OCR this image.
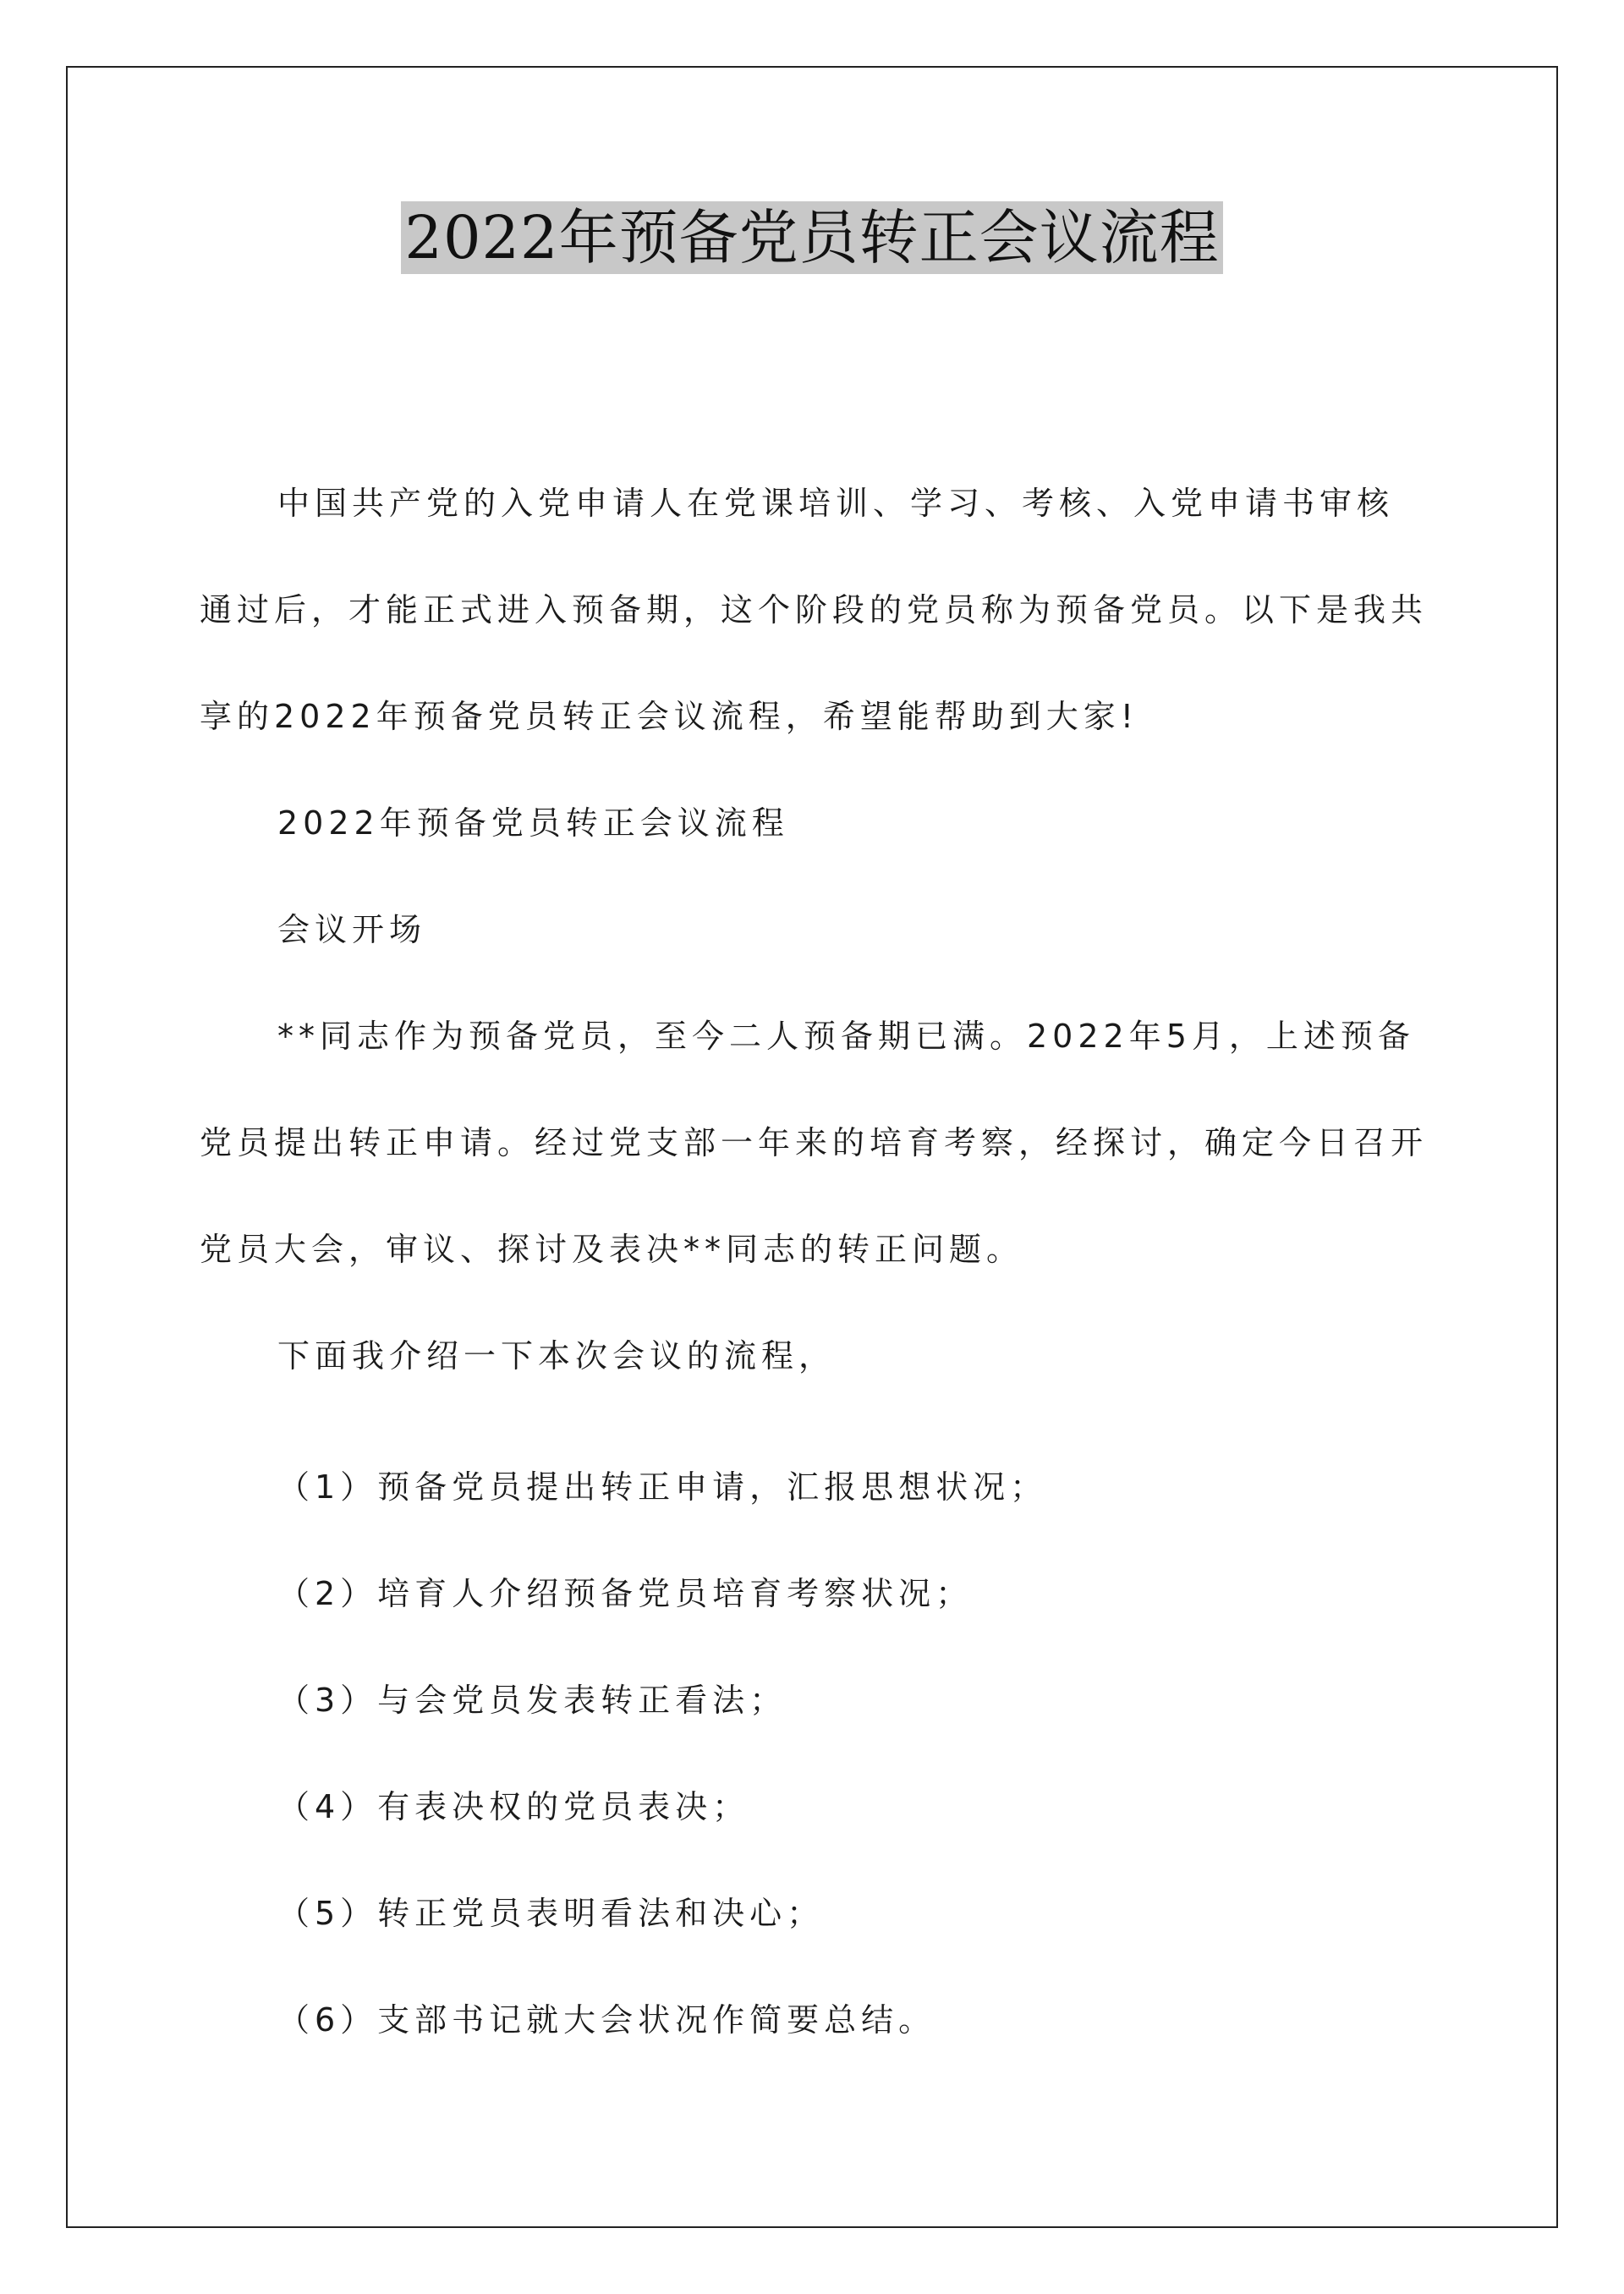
2022年预备党员转正会议流程

中国共产党的入党申请人在党课培训、学习、考核、入党申请书审核通过后，才能正式进入预备期，这个阶段的党员称为预备党员。以下是我共享的2022年预备党员转正会议流程，希望能帮助到大家!

2022年预备党员转正会议流程

会议开场

**同志作为预备党员，至今二人预备期已满。2022年5月，上述预备党员提出转正申请。经过党支部一年来的培育考察，经探讨，确定今日召开党员大会，审议、探讨及表决**同志的转正问题。

下面我介绍一下本次会议的流程，

（1）预备党员提出转正申请，汇报思想状况；

（2）培育人介绍预备党员培育考察状况；

（3）与会党员发表转正看法；

（4）有表决权的党员表决；

（5）转正党员表明看法和决心；

（6）支部书记就大会状况作简要总结。
